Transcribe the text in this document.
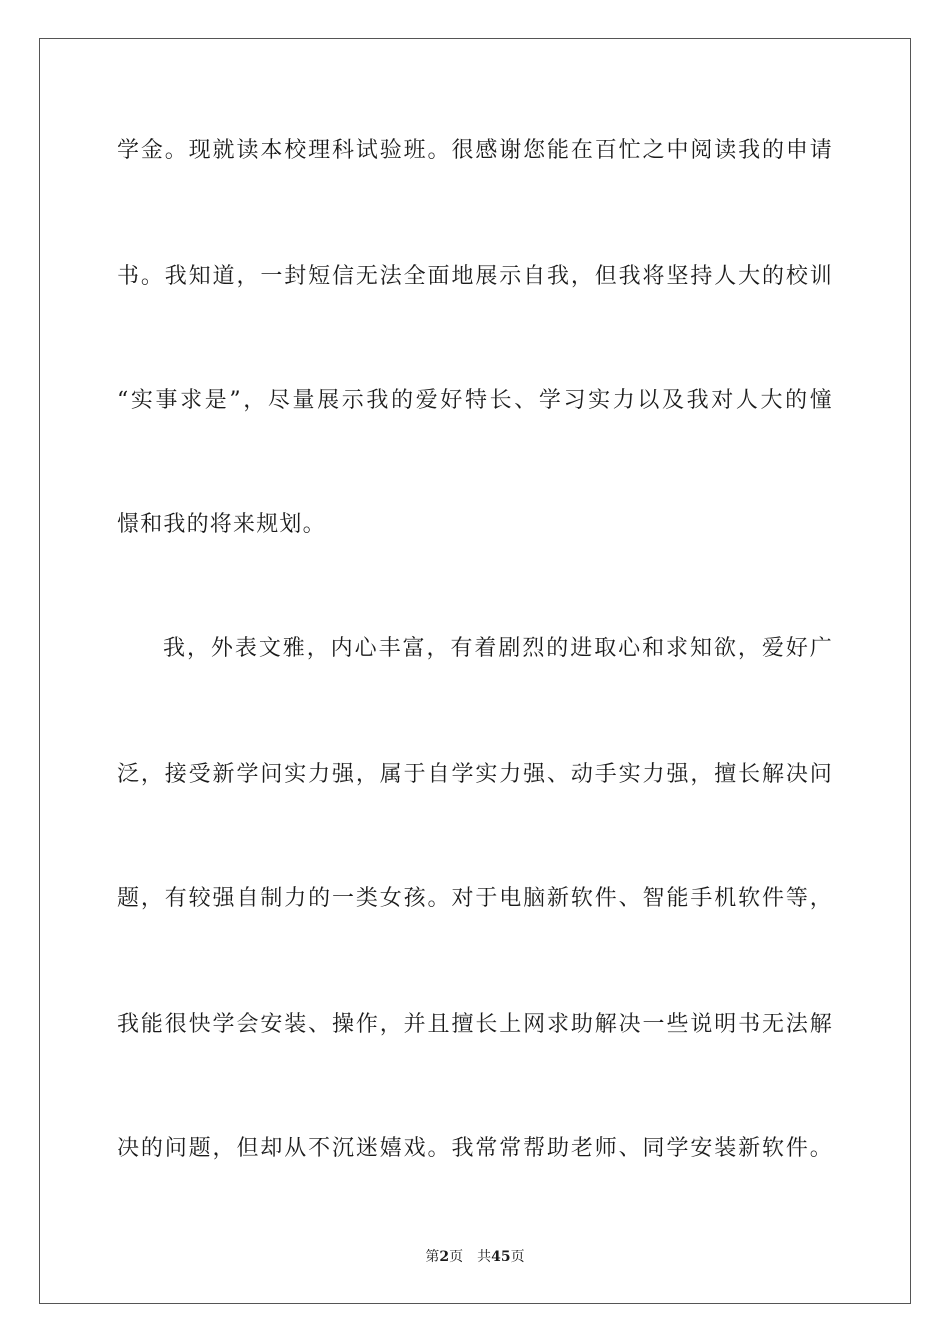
学金。现就读本校理科试验班。很感谢您能在百忙之中阅读我的申请
书。我知道，一封短信无法全面地展示自我，但我将坚持人大的校训
“实事求是”，尽量展示我的爱好特长、学习实力以及我对人大的憧
憬和我的将来规划。
我，外表文雅，内心丰富，有着剧烈的进取心和求知欲，爱好广
泛，接受新学问实力强，属于自学实力强、动手实力强，擅长解决问
题，有较强自制力的一类女孩。对于电脑新软件、智能手机软件等，
我能很快学会安装、操作，并且擅长上网求助解决一些说明书无法解
决的问题，但却从不沉迷嬉戏。我常常帮助老师、同学安装新软件。
第2页 共45页
